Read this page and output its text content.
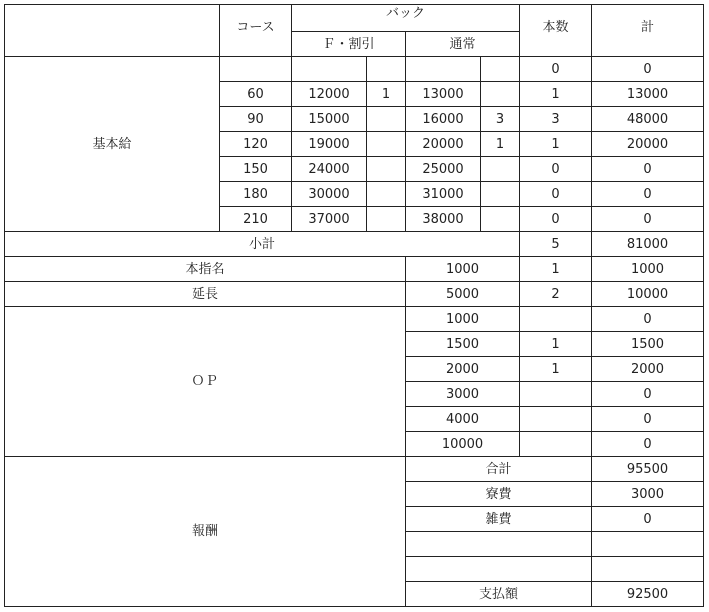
	コース	バック				本数	計
		Ｆ・割引		通常			
基本給						0	0
	60	12000	1	13000		1	13000
	90	15000		16000	3	3	48000
	120	19000		20000	1	1	20000
	150	24000		25000		0	0
	180	30000		31000		0	0
	210	37000		38000		0	0
小計						5	81000
本指名				1000		1	1000
延長				5000		2	10000
ＯＰ				1000			0
				1500		1	1500
				2000		1	2000
				3000			0
				4000			0
				10000			0
報酬				合計			95500
				寮費			3000
				雑費			0

				支払額			92500
